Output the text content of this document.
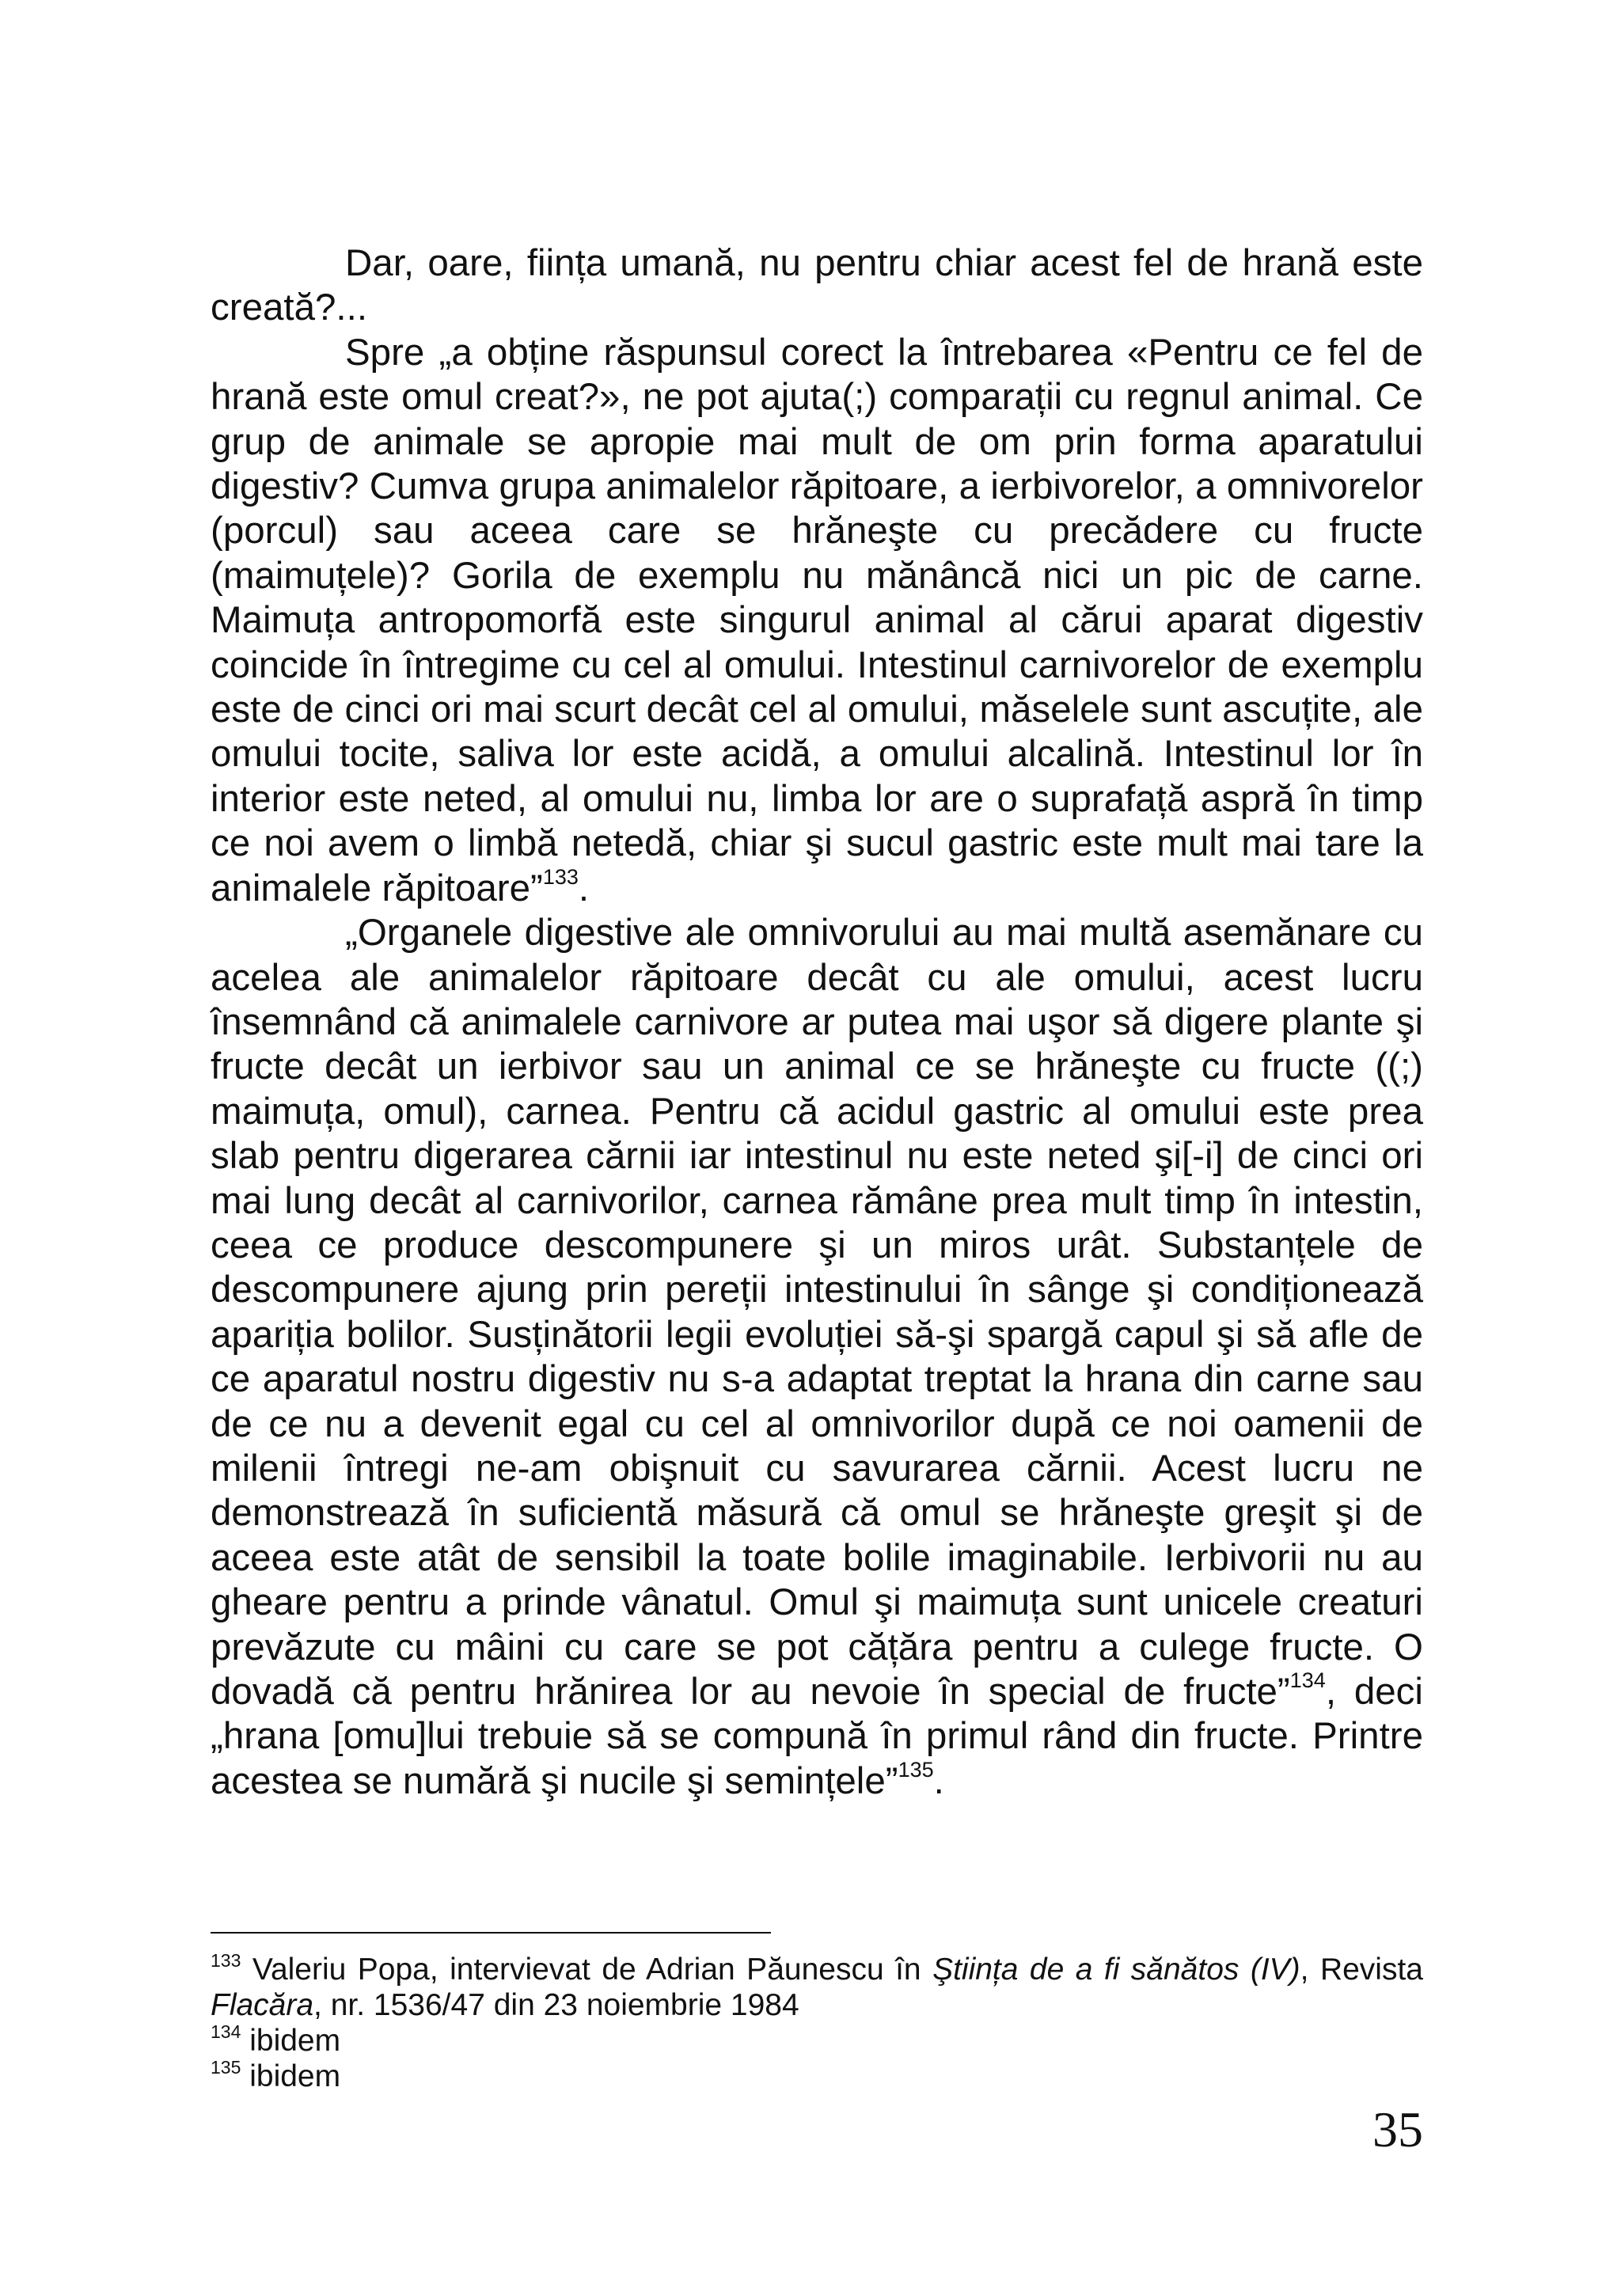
Dar, oare, ființa umană, nu pentru chiar acest fel de hrană este creată?...

Spre „a obține răspunsul corect la întrebarea «Pentru ce fel de hrană este omul creat?», ne pot ajuta(;) comparații cu regnul animal. Ce grup de animale se apropie mai mult de om prin forma aparatului digestiv? Cumva grupa animalelor răpitoare, a ierbivorelor, a omnivorelor (porcul) sau aceea care se hrăneşte cu precădere cu fructe (maimuțele)? Gorila de exemplu nu mănâncă nici un pic de carne. Maimuța antropomorfă este singurul animal al cărui aparat digestiv coincide în întregime cu cel al omului. Intestinul carnivorelor de exemplu este de cinci ori mai scurt decât cel al omului, măselele sunt ascuțite, ale omului tocite, saliva lor este acidă, a omului alcalină. Intestinul lor în interior este neted, al omului nu, limba lor are o suprafață aspră în timp ce noi avem o limbă netedă, chiar şi sucul gastric este mult mai tare la animalele răpitoare”$^{133}$.

„Organele digestive ale omnivorului au mai multă asemănare cu acelea ale animalelor răpitoare decât cu ale omului, acest lucru însemnând că animalele carnivore ar putea mai uşor să digere plante şi fructe decât un ierbivor sau un animal ce se hrăneşte cu fructe ((;) maimuța, omul), carnea. Pentru că acidul gastric al omului este prea slab pentru digerarea cărnii iar intestinul nu este neted şi[-i] de cinci ori mai lung decât al carnivorilor, carnea rămâne prea mult timp în intestin, ceea ce produce descompunere şi un miros urât. Substanțele de descompunere ajung prin pereții intestinului în sânge şi condiționează apariția bolilor. Susținătorii legii evoluției să-şi spargă capul şi să afle de ce aparatul nostru digestiv nu s-a adaptat treptat la hrana din carne sau de ce nu a devenit egal cu cel al omnivorilor după ce noi oamenii de milenii întregi ne-am obişnuit cu savurarea cărnii. Acest lucru ne demonstrează în suficientă măsură că omul se hrăneşte greşit şi de aceea este atât de sensibil la toate bolile imaginabile. Ierbivorii nu au gheare pentru a prinde vânatul. Omul şi maimuța sunt unicele creaturi prevăzute cu mâini cu care se pot cățăra pentru a culege fructe. O dovadă că pentru hrănirea lor au nevoie în special de fructe”$^{134}$, deci „hrana [omu]lui trebuie să se compună în primul rând din fructe. Printre acestea se numără şi nucile şi semințele”$^{135}$.

$^{133}$ Valeriu Popa, intervievat de Adrian Păunescu în Ştiința de a fi sănătos (IV), Revista Flacăra, nr. 1536/47 din 23 noiembrie 1984

$^{134}$ ibidem

$^{135}$ ibidem

35
